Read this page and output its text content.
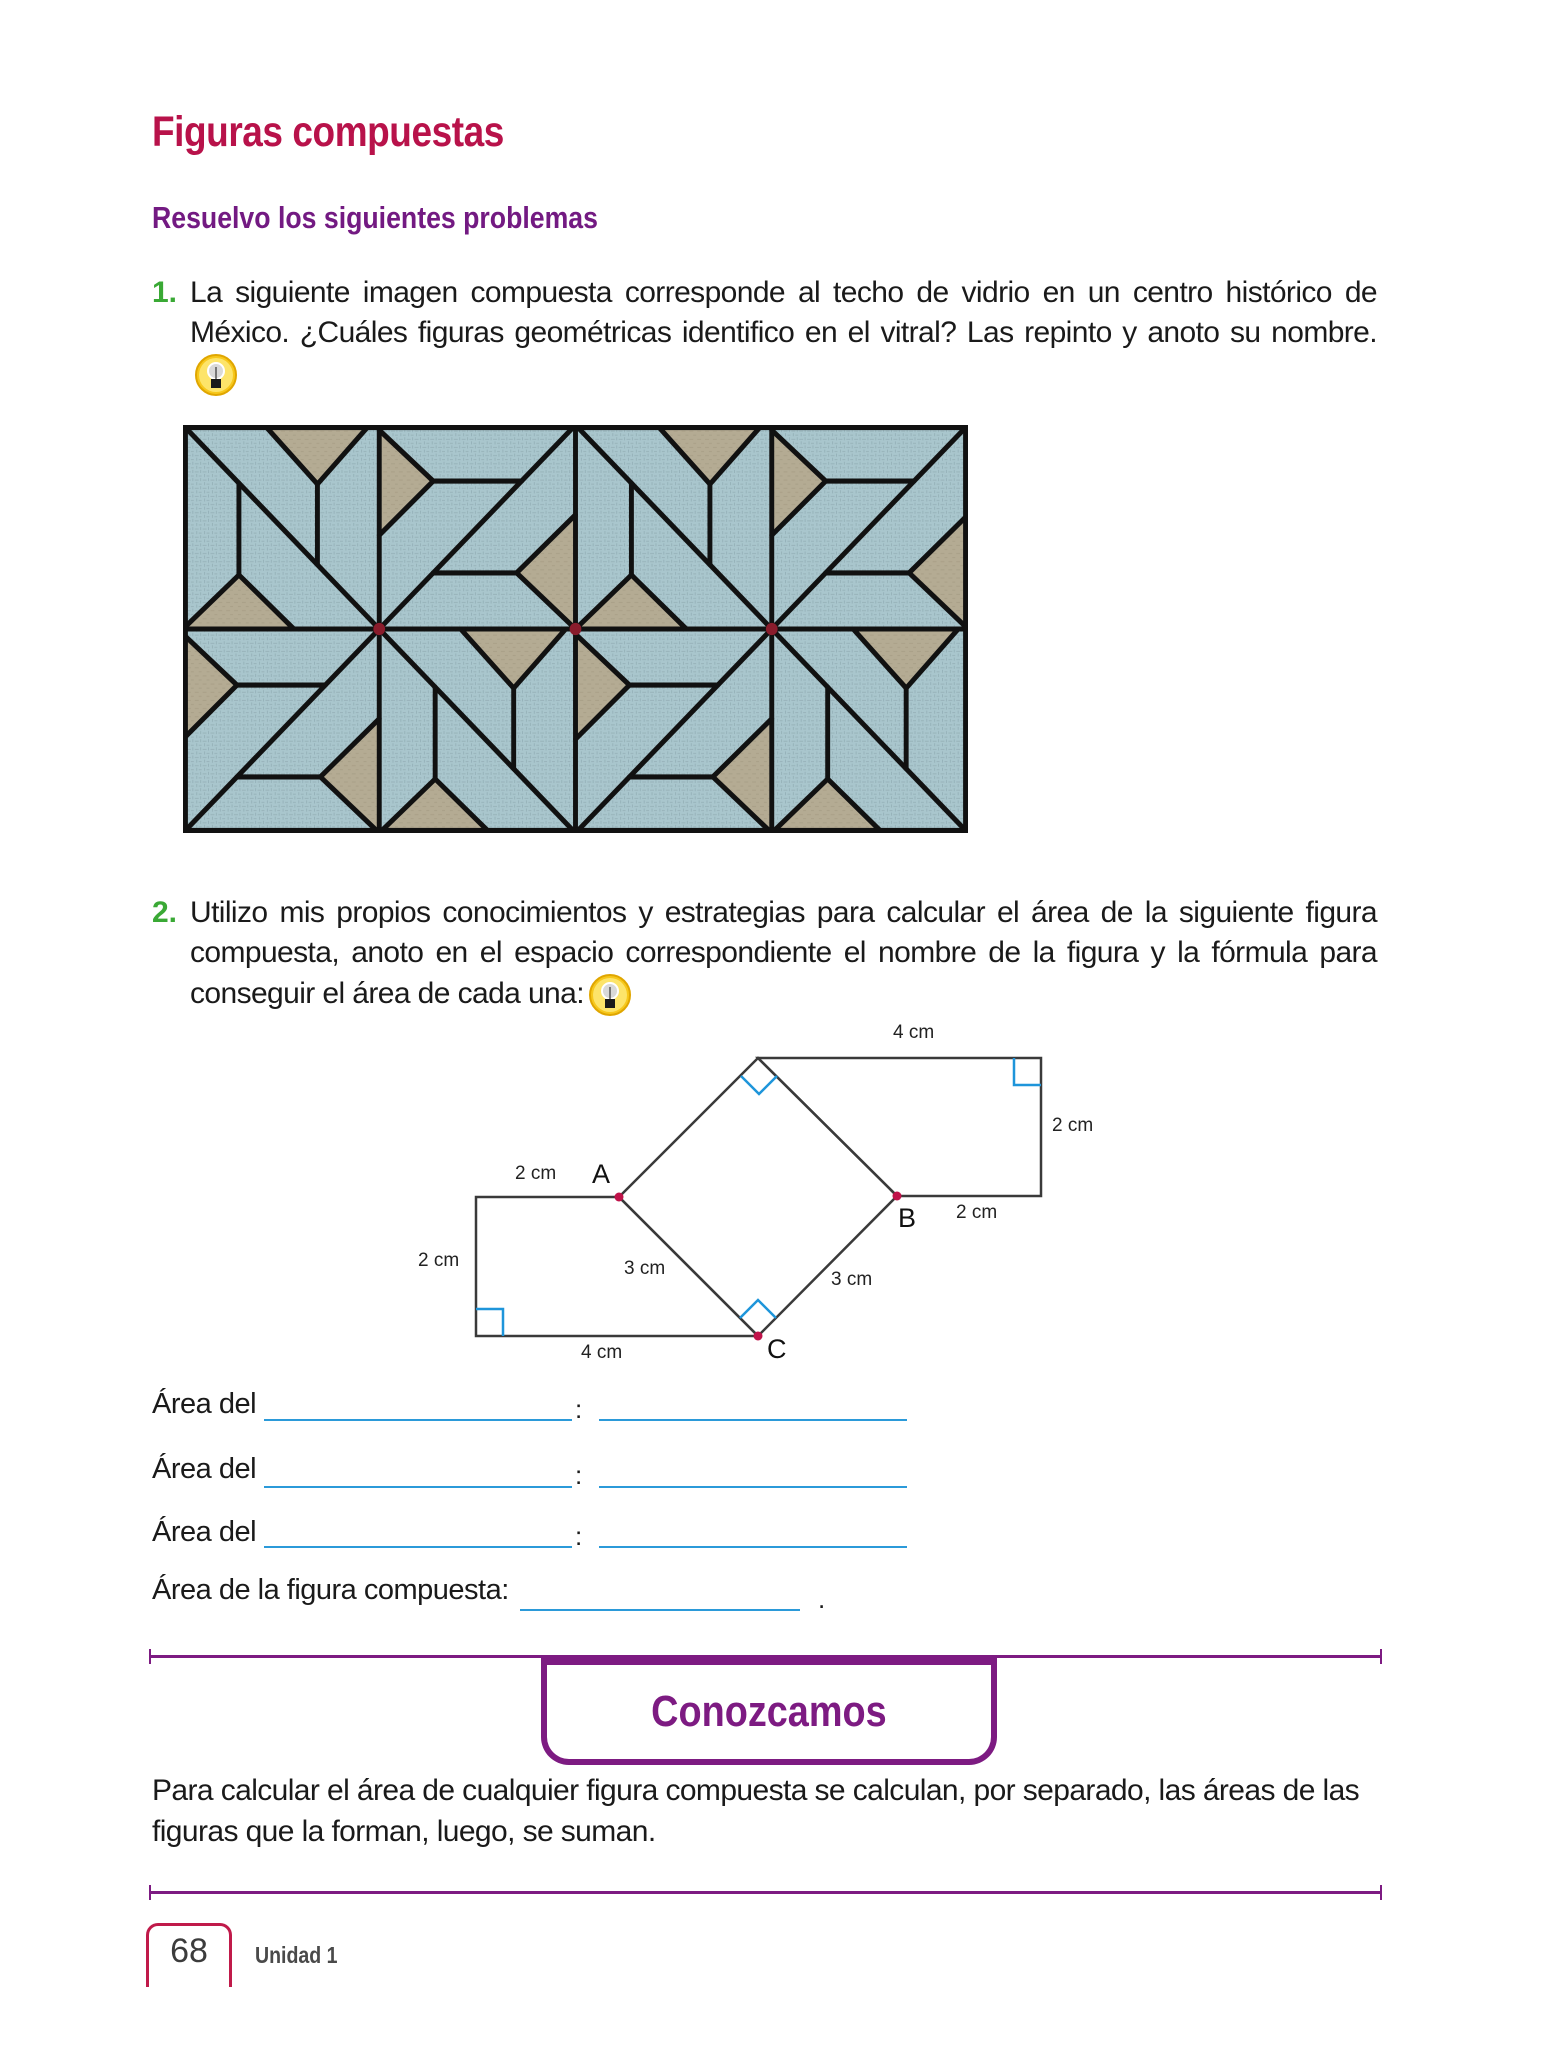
Figuras compuestas
Resuelvo los siguientes problemas
1. La siguiente imagen compuesta corresponde al techo de vidrio en un centro histórico de México. ¿Cuáles figuras geométricas identifico en el vitral? Las repinto y anoto su nombre.
2. Utilizo mis propios conocimientos y estrategias para calcular el área de la siguiente figura compuesta, anoto en el espacio correspondiente el nombre de la figura y la fórmula para conseguir el área de cada una:
A
B
C
4 cm
2 cm
2 cm
2 cm
2 cm	3 cm
3 cm
4 cm
Área del	:
Área del	:
Área del	:
Área de la figura compuesta:	.
Conozcamos
Para calcular el área de cualquier figura compuesta se calculan, por separado, las áreas de las figuras que la forman, luego, se suman.
68 Unidad 1
